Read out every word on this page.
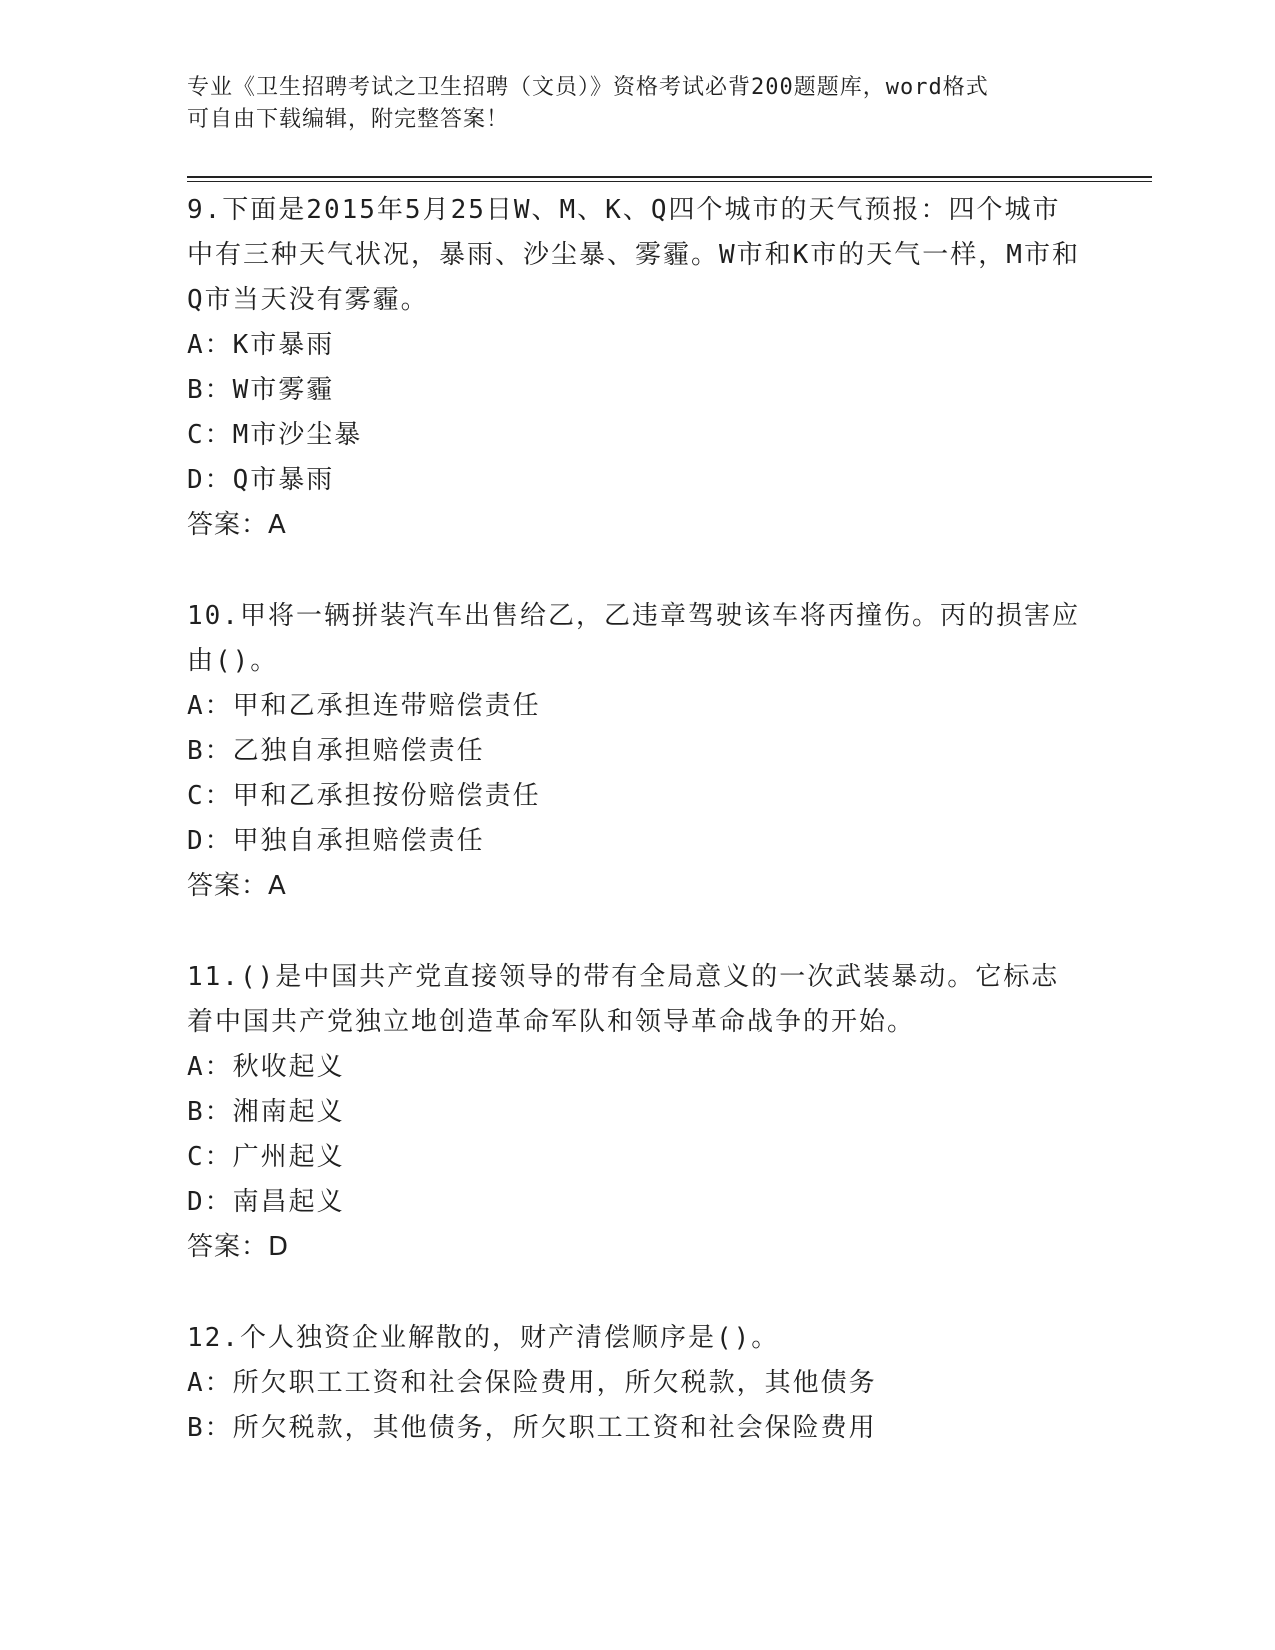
专业《卫生招聘考试之卫生招聘（文员）》资格考试必背200题题库，word格式
可自由下载编辑，附完整答案！
9.下面是2015年5月25日W、M、K、Q四个城市的天气预报：四个城市中有三种天气状况，暴雨、沙尘暴、雾霾。W市和K市的天气一样，M市和Q市当天没有雾霾。
A：K市暴雨
B：W市雾霾
C：M市沙尘暴
D：Q市暴雨
答案：A
10.甲将一辆拼装汽车出售给乙，乙违章驾驶该车将丙撞伤。丙的损害应由()。
A：甲和乙承担连带赔偿责任
B：乙独自承担赔偿责任
C：甲和乙承担按份赔偿责任
D：甲独自承担赔偿责任
答案：A
11.()是中国共产党直接领导的带有全局意义的一次武装暴动。它标志着中国共产党独立地创造革命军队和领导革命战争的开始。
A：秋收起义
B：湘南起义
C：广州起义
D：南昌起义
答案：D
12.个人独资企业解散的，财产清偿顺序是()。
A：所欠职工工资和社会保险费用，所欠税款，其他债务
B：所欠税款，其他债务，所欠职工工资和社会保险费用
